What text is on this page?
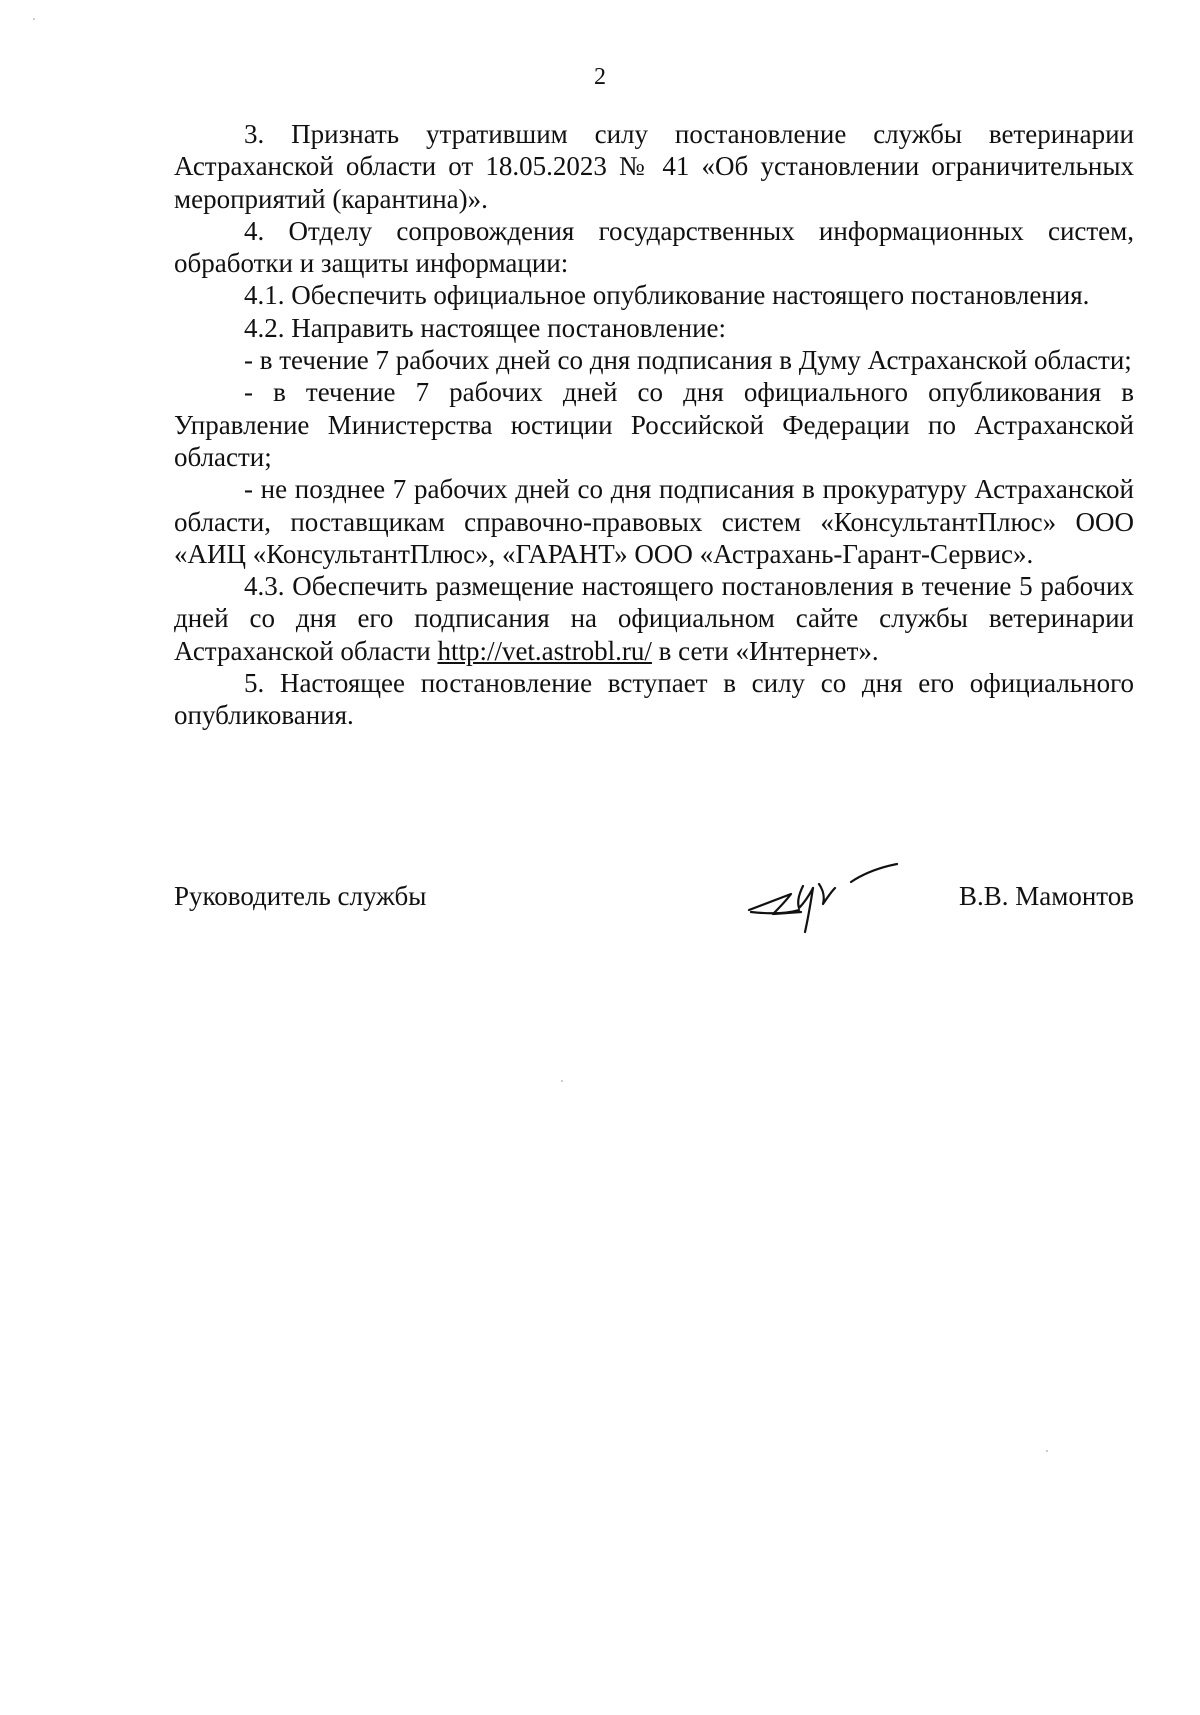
2

3. Признать утратившим силу постановление службы ветеринарии Астраханской области от 18.05.2023 № 41 «Об установлении ограничительных мероприятий (карантина)».

4. Отделу сопровождения государственных информационных систем, обработки и защиты информации:

4.1. Обеспечить официальное опубликование настоящего постановления.

4.2. Направить настоящее постановление:

- в течение 7 рабочих дней со дня подписания в Думу Астраханской области;

- в течение 7 рабочих дней со дня официального опубликования в Управление Министерства юстиции Российской Федерации по Астраханской области;

- не позднее 7 рабочих дней со дня подписания в прокуратуру Астраханской области, поставщикам справочно-правовых систем «КонсультантПлюс» ООО «АИЦ «КонсультантПлюс», «ГАРАНТ» ООО «Астрахань-Гарант-Сервис».

4.3. Обеспечить размещение настоящего постановления в течение 5 рабочих дней со дня его подписания на официальном сайте службы ветеринарии Астраханской области http://vet.astrobl.ru/ в сети «Интернет».

5. Настоящее постановление вступает в силу со дня его официального опубликования.

Руководитель службы	В.В. Мамонтов
